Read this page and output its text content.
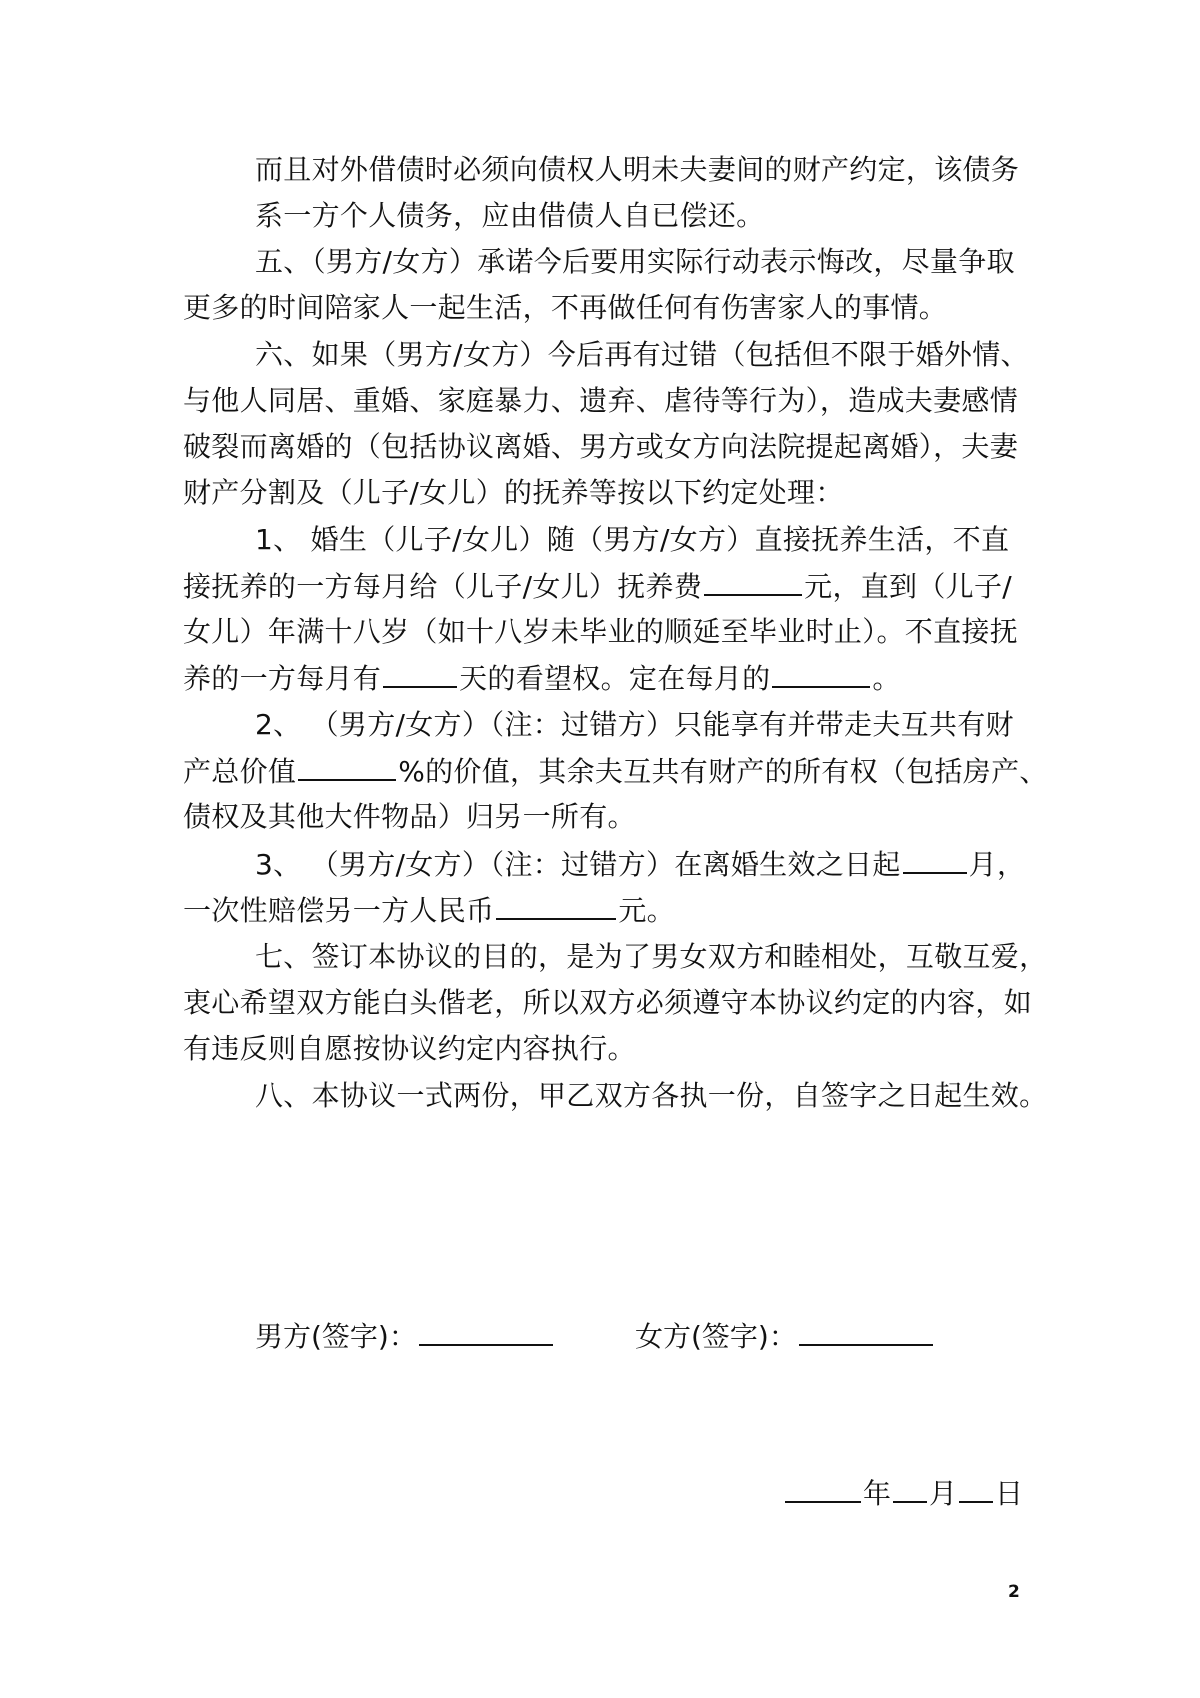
而且对外借债时必须向债权人明未夫妻间的财产约定，该债务
系一方个人债务，应由借债人自已偿还。
五、（男方/女方）承诺今后要用实际行动表示悔改，尽量争取
更多的时间陪家人一起生活，不再做任何有伤害家人的事情。
六、如果（男方/女方）今后再有过错（包括但不限于婚外情、
与他人同居、重婚、家庭暴力、遗弃、虐待等行为），造成夫妻感情
破裂而离婚的（包括协议离婚、男方或女方向法院提起离婚），夫妻
财产分割及（儿子/女儿）的抚养等按以下约定处理：
1、 婚生（儿子/女儿）随（男方/女方）直接抚养生活，不直
接抚养的一方每月给（儿子/女儿）抚养费	元，直到（儿子/
女儿）年满十八岁（如十八岁未毕业的顺延至毕业时止）。不直接抚
养的一方每月有	天的看望权。定在每月的	。
2、 （男方/女方）（注：过错方）只能享有并带走夫互共有财
产总价值	%的价值，其余夫互共有财产的所有权（包括房产、
债权及其他大件物品）归另一所有。
3、 （男方/女方）（注：过错方）在离婚生效之日起 月，
一次性赔偿另一方人民币	元。
七、签订本协议的目的，是为了男女双方和睦相处，互敬互爱，
衷心希望双方能白头偕老，所以双方必须遵守本协议约定的内容，如
有违反则自愿按协议约定内容执行。
八、本协议一式两份，甲乙双方各执一份，自签字之日起生效。
男方(签字)：	女方(签字)：
年 月 日
2
